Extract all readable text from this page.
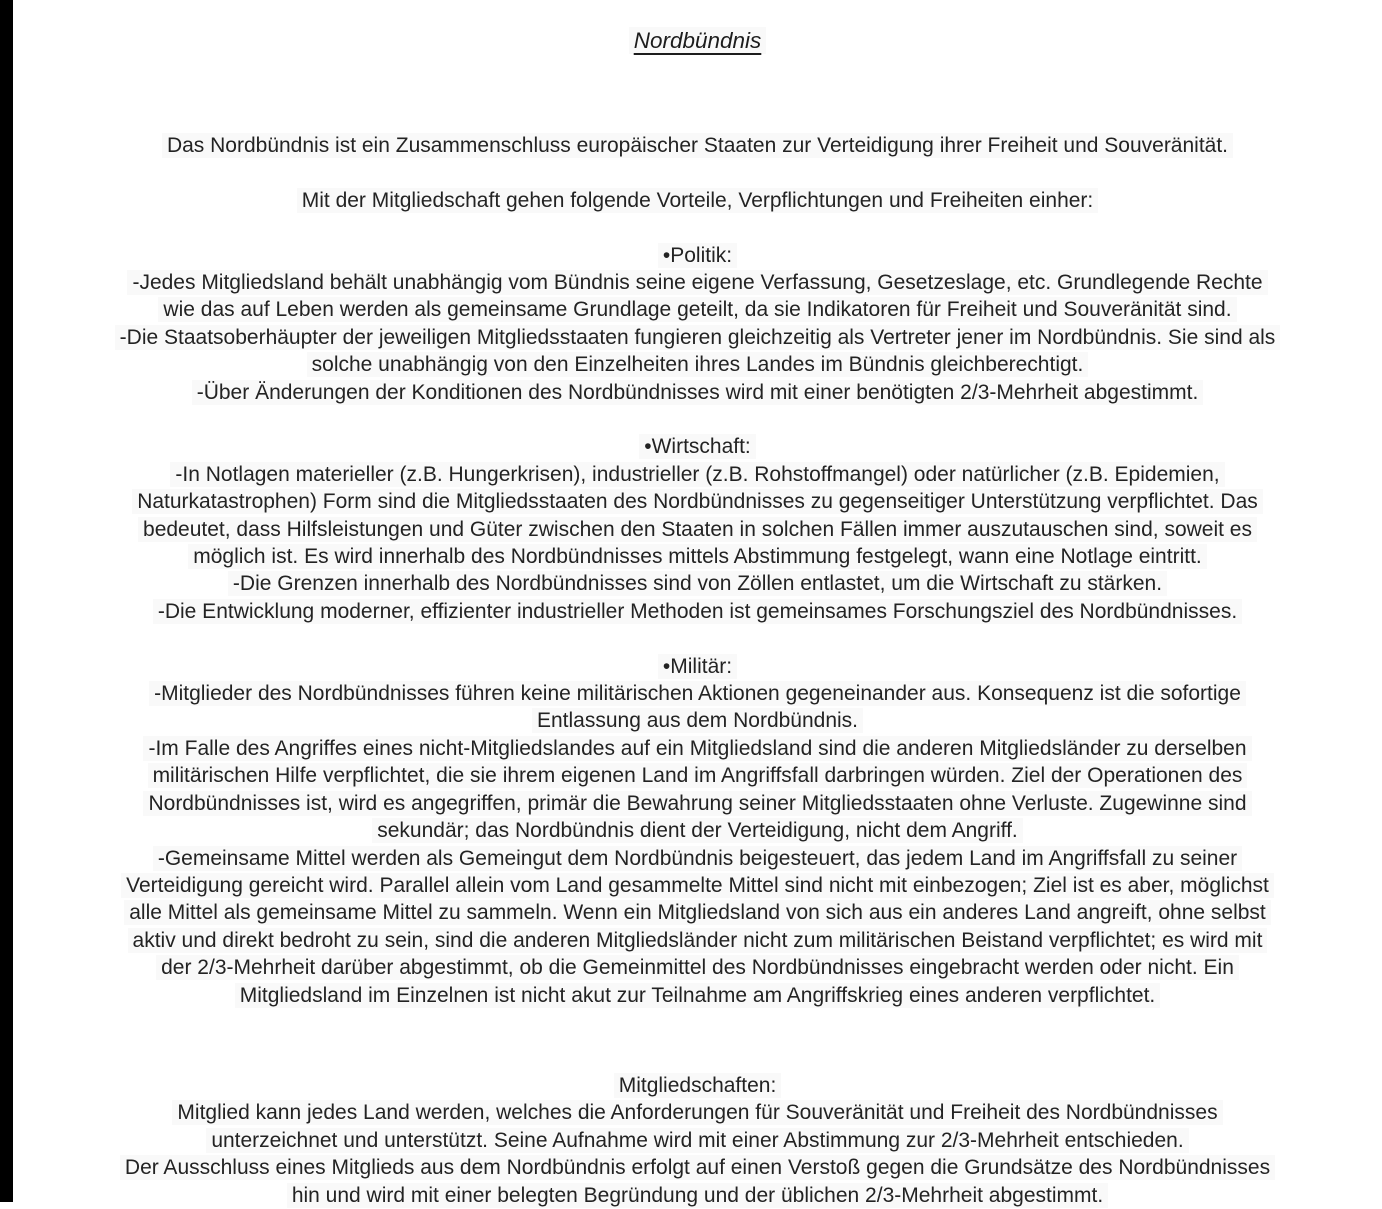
Nordbündnis
Das Nordbündnis ist ein Zusammenschluss europäischer Staaten zur Verteidigung ihrer Freiheit und Souveränität.
Mit der Mitgliedschaft gehen folgende Vorteile, Verpflichtungen und Freiheiten einher:
•Politik:
-Jedes Mitgliedsland behält unabhängig vom Bündnis seine eigene Verfassung, Gesetzeslage, etc. Grundlegende Rechte
wie das auf Leben werden als gemeinsame Grundlage geteilt, da sie Indikatoren für Freiheit und Souveränität sind.
-Die Staatsoberhäupter der jeweiligen Mitgliedsstaaten fungieren gleichzeitig als Vertreter jener im Nordbündnis. Sie sind als
solche unabhängig von den Einzelheiten ihres Landes im Bündnis gleichberechtigt.
-Über Änderungen der Konditionen des Nordbündnisses wird mit einer benötigten 2/3-Mehrheit abgestimmt.
•Wirtschaft:
-In Notlagen materieller (z.B. Hungerkrisen), industrieller (z.B. Rohstoffmangel) oder natürlicher (z.B. Epidemien,
Naturkatastrophen) Form sind die Mitgliedsstaaten des Nordbündnisses zu gegenseitiger Unterstützung verpflichtet. Das
bedeutet, dass Hilfsleistungen und Güter zwischen den Staaten in solchen Fällen immer auszutauschen sind, soweit es
möglich ist. Es wird innerhalb des Nordbündnisses mittels Abstimmung festgelegt, wann eine Notlage eintritt.
-Die Grenzen innerhalb des Nordbündnisses sind von Zöllen entlastet, um die Wirtschaft zu stärken.
-Die Entwicklung moderner, effizienter industrieller Methoden ist gemeinsames Forschungsziel des Nordbündnisses.
•Militär:
-Mitglieder des Nordbündnisses führen keine militärischen Aktionen gegeneinander aus. Konsequenz ist die sofortige
Entlassung aus dem Nordbündnis.
-Im Falle des Angriffes eines nicht-Mitgliedslandes auf ein Mitgliedsland sind die anderen Mitgliedsländer zu derselben
militärischen Hilfe verpflichtet, die sie ihrem eigenen Land im Angriffsfall darbringen würden. Ziel der Operationen des
Nordbündnisses ist, wird es angegriffen, primär die Bewahrung seiner Mitgliedsstaaten ohne Verluste. Zugewinne sind
sekundär; das Nordbündnis dient der Verteidigung, nicht dem Angriff.
-Gemeinsame Mittel werden als Gemeingut dem Nordbündnis beigesteuert, das jedem Land im Angriffsfall zu seiner
Verteidigung gereicht wird. Parallel allein vom Land gesammelte Mittel sind nicht mit einbezogen; Ziel ist es aber, möglichst
alle Mittel als gemeinsame Mittel zu sammeln. Wenn ein Mitgliedsland von sich aus ein anderes Land angreift, ohne selbst
aktiv und direkt bedroht zu sein, sind die anderen Mitgliedsländer nicht zum militärischen Beistand verpflichtet; es wird mit
der 2/3-Mehrheit darüber abgestimmt, ob die Gemeinmittel des Nordbündnisses eingebracht werden oder nicht. Ein
Mitgliedsland im Einzelnen ist nicht akut zur Teilnahme am Angriffskrieg eines anderen verpflichtet.
Mitgliedschaften:
Mitglied kann jedes Land werden, welches die Anforderungen für Souveränität und Freiheit des Nordbündnisses
unterzeichnet und unterstützt. Seine Aufnahme wird mit einer Abstimmung zur 2/3-Mehrheit entschieden.
Der Ausschluss eines Mitglieds aus dem Nordbündnis erfolgt auf einen Verstoß gegen die Grundsätze des Nordbündnisses
hin und wird mit einer belegten Begründung und der üblichen 2/3-Mehrheit abgestimmt.
